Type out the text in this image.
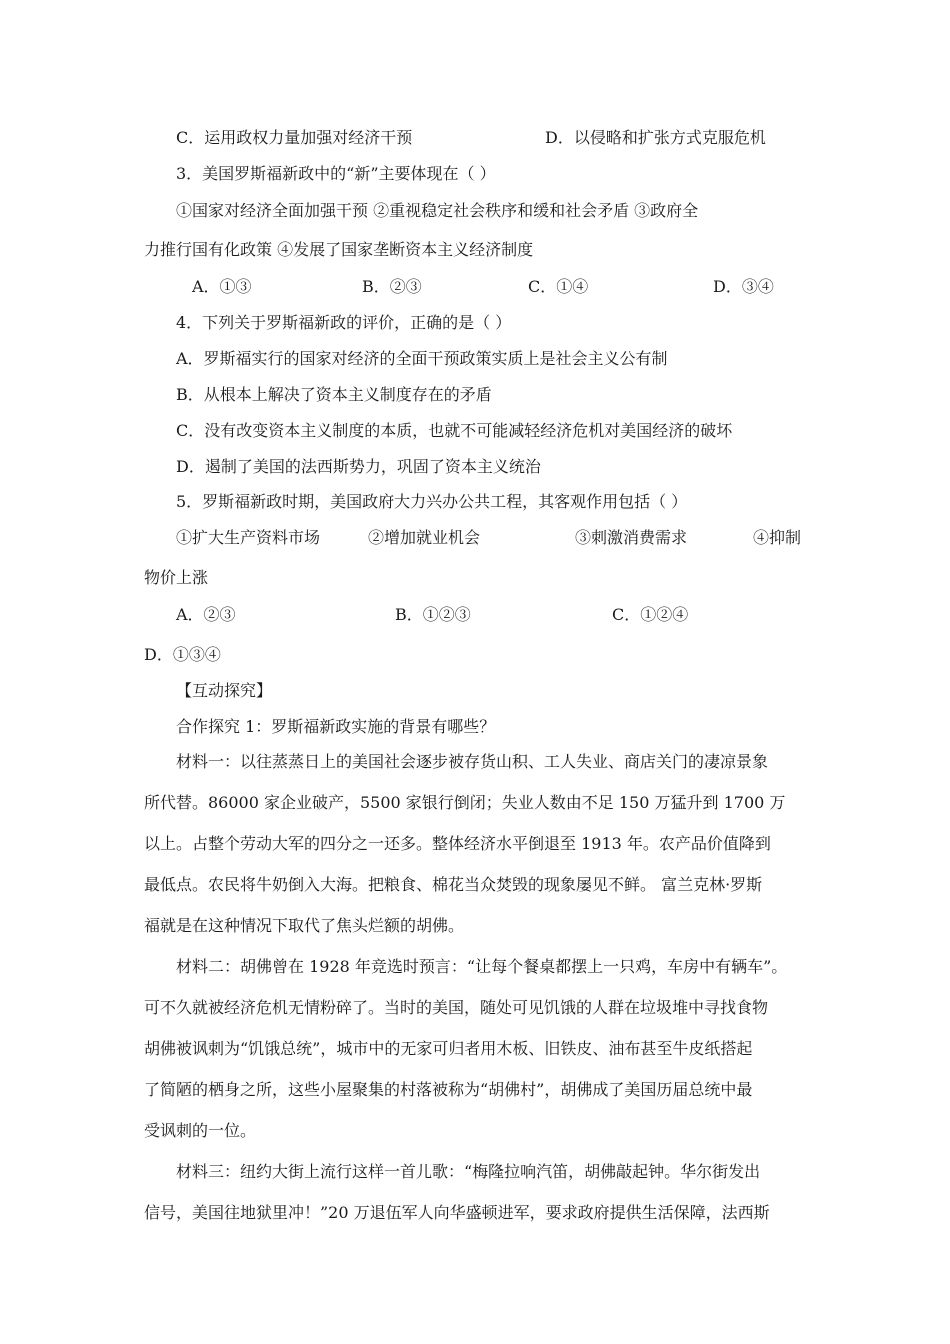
C．运用政权力量加强对经济干预	D．以侵略和扩张方式克服危机
3．美国罗斯福新政中的“新”主要体现在（ ）
①国家对经济全面加强干预 ②重视稳定社会秩序和缓和社会矛盾 ③政府全
力推行国有化政策 ④发展了国家垄断资本主义经济制度
A．①③	B．②③	C．①④	D．③④
4．下列关于罗斯福新政的评价，正确的是（ ）
A．罗斯福实行的国家对经济的全面干预政策实质上是社会主义公有制
B．从根本上解决了资本主义制度存在的矛盾
C．没有改变资本主义制度的本质，也就不可能减轻经济危机对美国经济的破坏
D．遏制了美国的法西斯势力，巩固了资本主义统治
5．罗斯福新政时期，美国政府大力兴办公共工程，其客观作用包括（ ）
①扩大生产资料市场	②增加就业机会	③刺激消费需求	④抑制
物价上涨
A．②③	B．①②③	C．①②④
D．①③④
【互动探究】
合作探究 1：罗斯福新政实施的背景有哪些？
材料一：以往蒸蒸日上的美国社会逐步被存货山积、工人失业、商店关门的凄凉景象
所代替。86000 家企业破产，5500 家银行倒闭；失业人数由不足 150 万猛升到 1700 万
以上。占整个劳动大军的四分之一还多。整体经济水平倒退至 1913 年。农产品价值降到
最低点。农民将牛奶倒入大海。把粮食、棉花当众焚毁的现象屡见不鲜。 富兰克林·罗斯
福就是在这种情况下取代了焦头烂额的胡佛。
材料二：胡佛曾在 1928 年竞选时预言：“让每个餐桌都摆上一只鸡，车房中有辆车”。
可不久就被经济危机无情粉碎了。当时的美国，随处可见饥饿的人群在垃圾堆中寻找食物
胡佛被讽刺为“饥饿总统”，城市中的无家可归者用木板、旧铁皮、油布甚至牛皮纸搭起
了简陋的栖身之所，这些小屋聚集的村落被称为“胡佛村”，胡佛成了美国历届总统中最
受讽刺的一位。
材料三：纽约大街上流行这样一首儿歌：“梅隆拉响汽笛，胡佛敲起钟。华尔街发出
信号，美国往地狱里冲！”20 万退伍军人向华盛顿进军，要求政府提供生活保障，法西斯
